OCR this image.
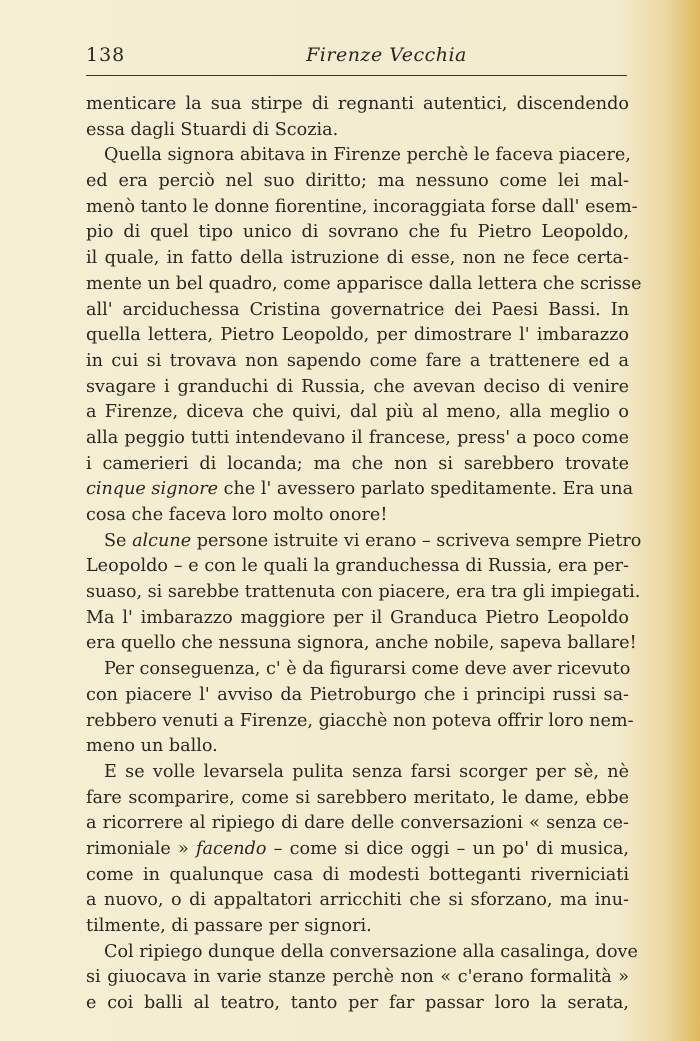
138	Firenze Vecchia
menticare la sua stirpe di regnanti autentici, discendendo
essa dagli Stuardi di Scozia.
Quella signora abitava in Firenze perchè le faceva piacere,
ed era perciò nel suo diritto; ma nessuno come lei mal-
menò tanto le donne fiorentine, incoraggiata forse dall' esem-
pio di quel tipo unico di sovrano che fu Pietro Leopoldo,
il quale, in fatto della istruzione di esse, non ne fece certa-
mente un bel quadro, come apparisce dalla lettera che scrisse
all' arciduchessa Cristina governatrice dei Paesi Bassi. In
quella lettera, Pietro Leopoldo, per dimostrare l' imbarazzo
in cui si trovava non sapendo come fare a trattenere ed a
svagare i granduchi di Russia, che avevan deciso di venire
a Firenze, diceva che quivi, dal più al meno, alla meglio o
alla peggio tutti intendevano il francese, press' a poco come
i camerieri di locanda; ma che non si sarebbero trovate
cinque signore che l' avessero parlato speditamente. Era una
cosa che faceva loro molto onore!
Se alcune persone istruite vi erano – scriveva sempre Pietro
Leopoldo – e con le quali la granduchessa di Russia, era per-
suaso, si sarebbe trattenuta con piacere, era tra gli impiegati.
Ma l' imbarazzo maggiore per il Granduca Pietro Leopoldo
era quello che nessuna signora, anche nobile, sapeva ballare!
Per conseguenza, c' è da figurarsi come deve aver ricevuto
con piacere l' avviso da Pietroburgo che i principi russi sa-
rebbero venuti a Firenze, giacchè non poteva offrir loro nem-
meno un ballo.
E se volle levarsela pulita senza farsi scorger per sè, nè
fare scomparire, come si sarebbero meritato, le dame, ebbe
a ricorrere al ripiego di dare delle conversazioni « senza ce-
rimoniale » facendo – come si dice oggi – un po' di musica,
come in qualunque casa di modesti botteganti riverniciati
a nuovo, o di appaltatori arricchiti che si sforzano, ma inu-
tilmente, di passare per signori.
Col ripiego dunque della conversazione alla casalinga, dove
si giuocava in varie stanze perchè non « c'erano formalità »
e coi balli al teatro, tanto per far passar loro la serata,
